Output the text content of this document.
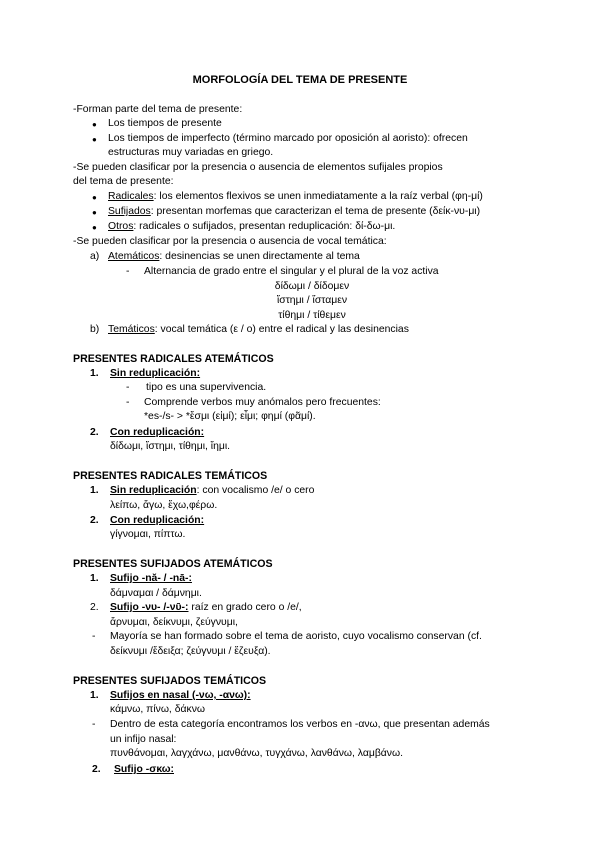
MORFOLOGÍA DEL TEMA DE PRESENTE
-Forman parte del tema de presente:
● Los tiempos de presente
● Los tiempos de imperfecto (término marcado por oposición al aoristo): ofrecen
estructuras muy variadas en griego.
-Se pueden clasificar por la presencia o ausencia de elementos sufijales propios
del tema de presente:
● Radicales: los elementos flexivos se unen inmediatamente a la raíz verbal (φη-μί)
● Sufijados: presentan morfemas que caracterizan el tema de presente (δείκ-νυ-μι)
● Otros: radicales o sufijados, presentan reduplicación: δί-δω-μι.
-Se pueden clasificar por la presencia o ausencia de vocal temática:
a) Atemáticos: desinencias se unen directamente al tema
- Alternancia de grado entre el singular y el plural de la voz activa
δίδωμι / δίδομεν
ἵστημι / ἵσταμεν
τίθημι / τίθεμεν
b) Temáticos: vocal temática (ε / o) entre el radical y las desinencias
PRESENTES RADICALES ATEMÁTICOS
1. Sin reduplicación:
- tipo es una supervivencia.
- Comprende verbos muy anómalos pero frecuentes:
*es-/s- > *ἔσμι (εἰμί); εἶμι; φημί (φᾶμί).
2. Con reduplicación:
δίδωμι, ἵστημι, τίθημι, ἵημι.
PRESENTES RADICALES TEMÁTICOS
1. Sin reduplicación: con vocalismo /e/ o cero
λείπω, ἄγω, ἔχω,φέρω.
2. Con reduplicación:
γίγνομαι, πίπτω.
PRESENTES SUFIJADOS ATEMÁTICOS
1. Sufijo -nă- / -nā-:
δάμναμαι / δάμνημι.
2. Sufijo -νυ- /-νῡ-: raíz en grado cero o /e/,
ἄρνυμαι, δείκνυμι, ζεύγνυμι,
- Mayoría se han formado sobre el tema de aoristo, cuyo vocalismo conservan (cf.
δείκνυμι /ἔδειξα; ζεύγνυμι / ἔζευξα).
PRESENTES SUFIJADOS TEMÁTICOS
1. Sufijos en nasal (-νω, -ανω):
κάμνω, πίνω, δάκνω
- Dentro de esta categoría encontramos los verbos en -ανω, que presentan además
un infijo nasal:
πυνθάνομαι, λαγχάνω, μανθάνω, τυγχάνω, λανθάνω, λαμβάνω.
2. Sufijo -σκω:
